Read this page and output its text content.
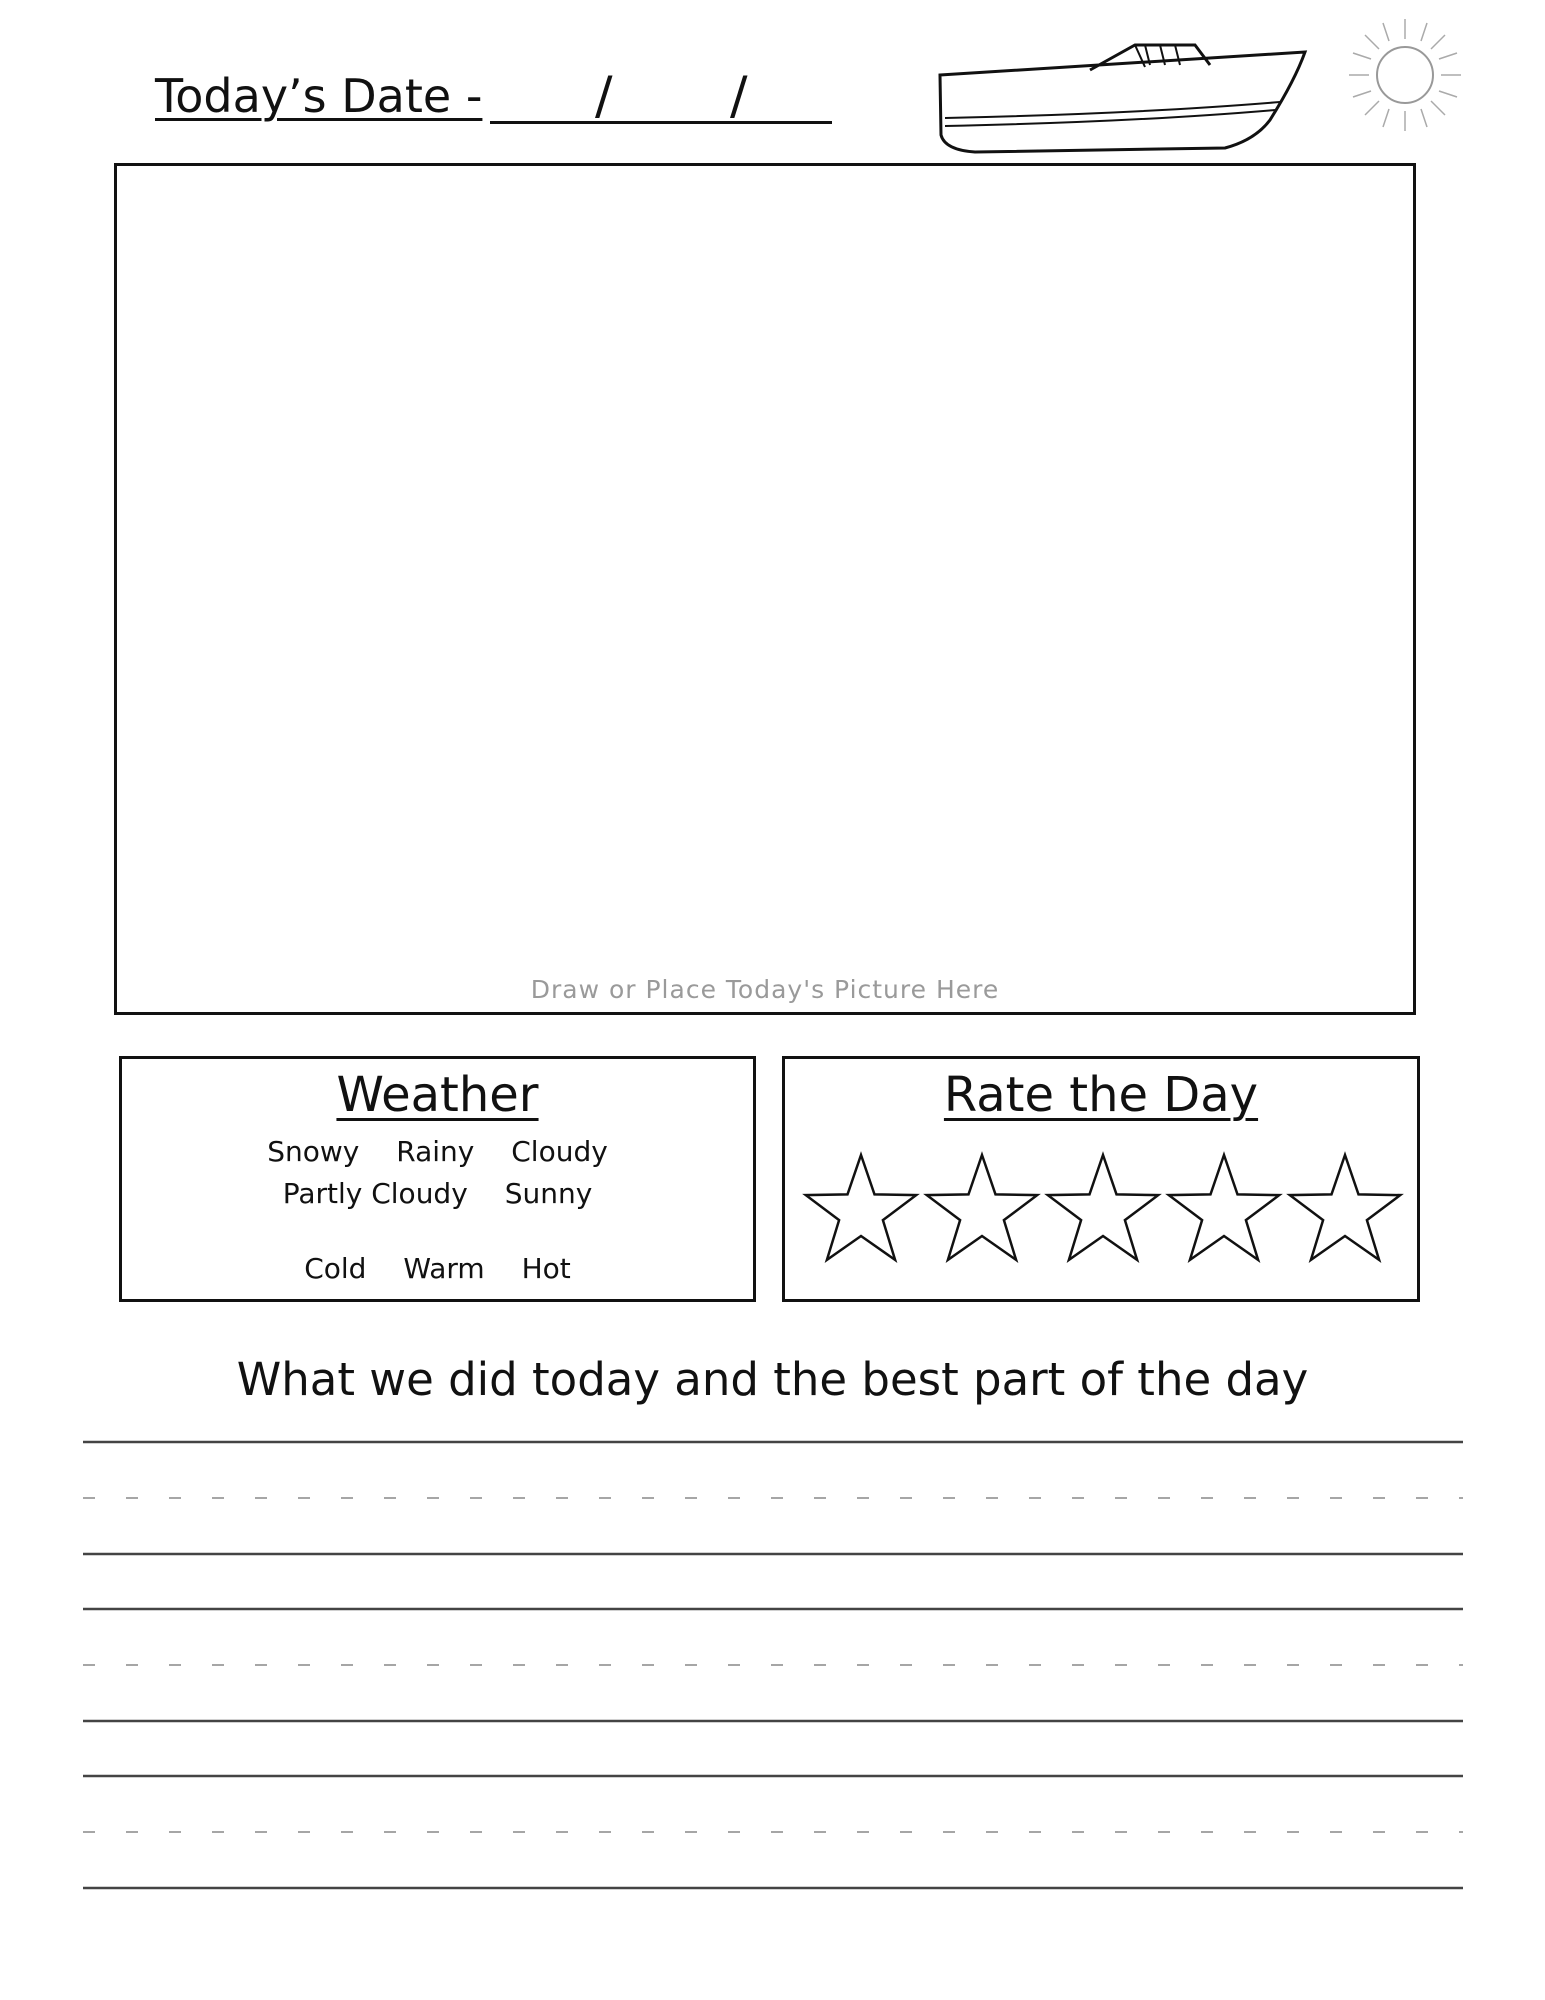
Today’s Date - / /
Draw or Place Today's Picture Here
Weather
Snowy Rainy Cloudy Partly Cloudy Sunny
Cold Warm Hot
Rate the Day
What we did today and the best part of the day
